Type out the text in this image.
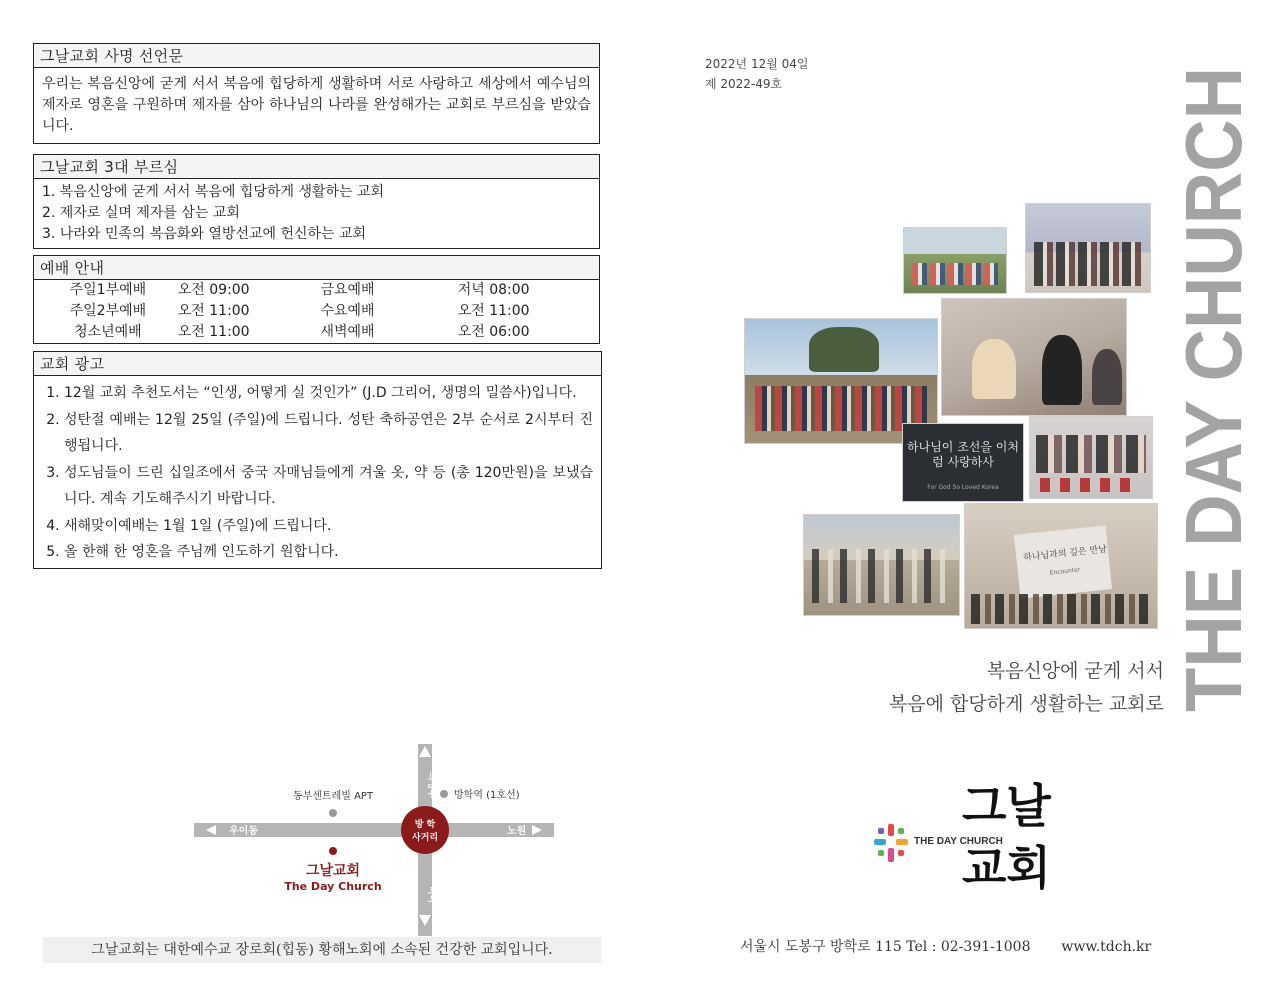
그날교회 사명 선언문

우리는 복음신앙에 굳게 서서 복음에 힙당하게 생활하며 서로 사랑하고 세상에서 예수님의 제자로 영혼을 구원하며 제자를 삼아 하나님의 나라를 완성해가는 교회로 부르심을 받았습니다.

그날교회 3대 부르심
1. 복음신앙에 굳게 서서 복음에 힙당하게 생활하는 교회
2. 제자로 실며 제자를 삼는 교회
3. 나라와 민족의 복음화와 열방선교에 헌신하는 교회
예배 안내
주일1부예배	오전 09:00	금요예배	저녁 08:00
주일2부예배	오전 11:00	수요예배	오전 11:00
청소년예배	오전 11:00	새벽예배	오전 06:00
교회 광고
1. 12월 교회 추천도서는 “인생, 어떻게 실 것인가” (J.D 그리어, 생명의 밀씀사)입니다.
2. 성탄절 예배는 12월 25일 (주일)에 드립니다. 성탄 축하공연은 2부 순서로 2시부터 진행됩니다.
3. 성도님들이 드린 십일조에서 중국 자매님들에게 겨울 옷, 약 등 (총 120만원)을 보냈습니다. 계속 기도해주시기 바랍니다.
4. 새해맞이예배는 1월 1일 (주일)에 드립니다.
5. 올 한해 한 영혼을 주님께 인도하기 원합니다.
우이동	노원
의정부
미아
방 학
사거리
동부센트레빌 APT	방학역 (1호선)
그날교회
The Day Church
그날교회는 대한예수교 장로회(힙동) 황해노회에 소속된 건강한 교회입니다.
2022년 12월 04일
제 2022-49호	THE DAY CHURCH
하나님이 조선을 이처럼 사랑하사
For God So Loved Korea
하나님과의 깊은 만남
Encounter
복음신앙에 굳게 서서
복음에 합당하게 생활하는 교회로
THE DAY CHURCH
그날
교회
서울시 도봉구 방학로 115 Tel : 02-391-1008 www.tdch.kr
